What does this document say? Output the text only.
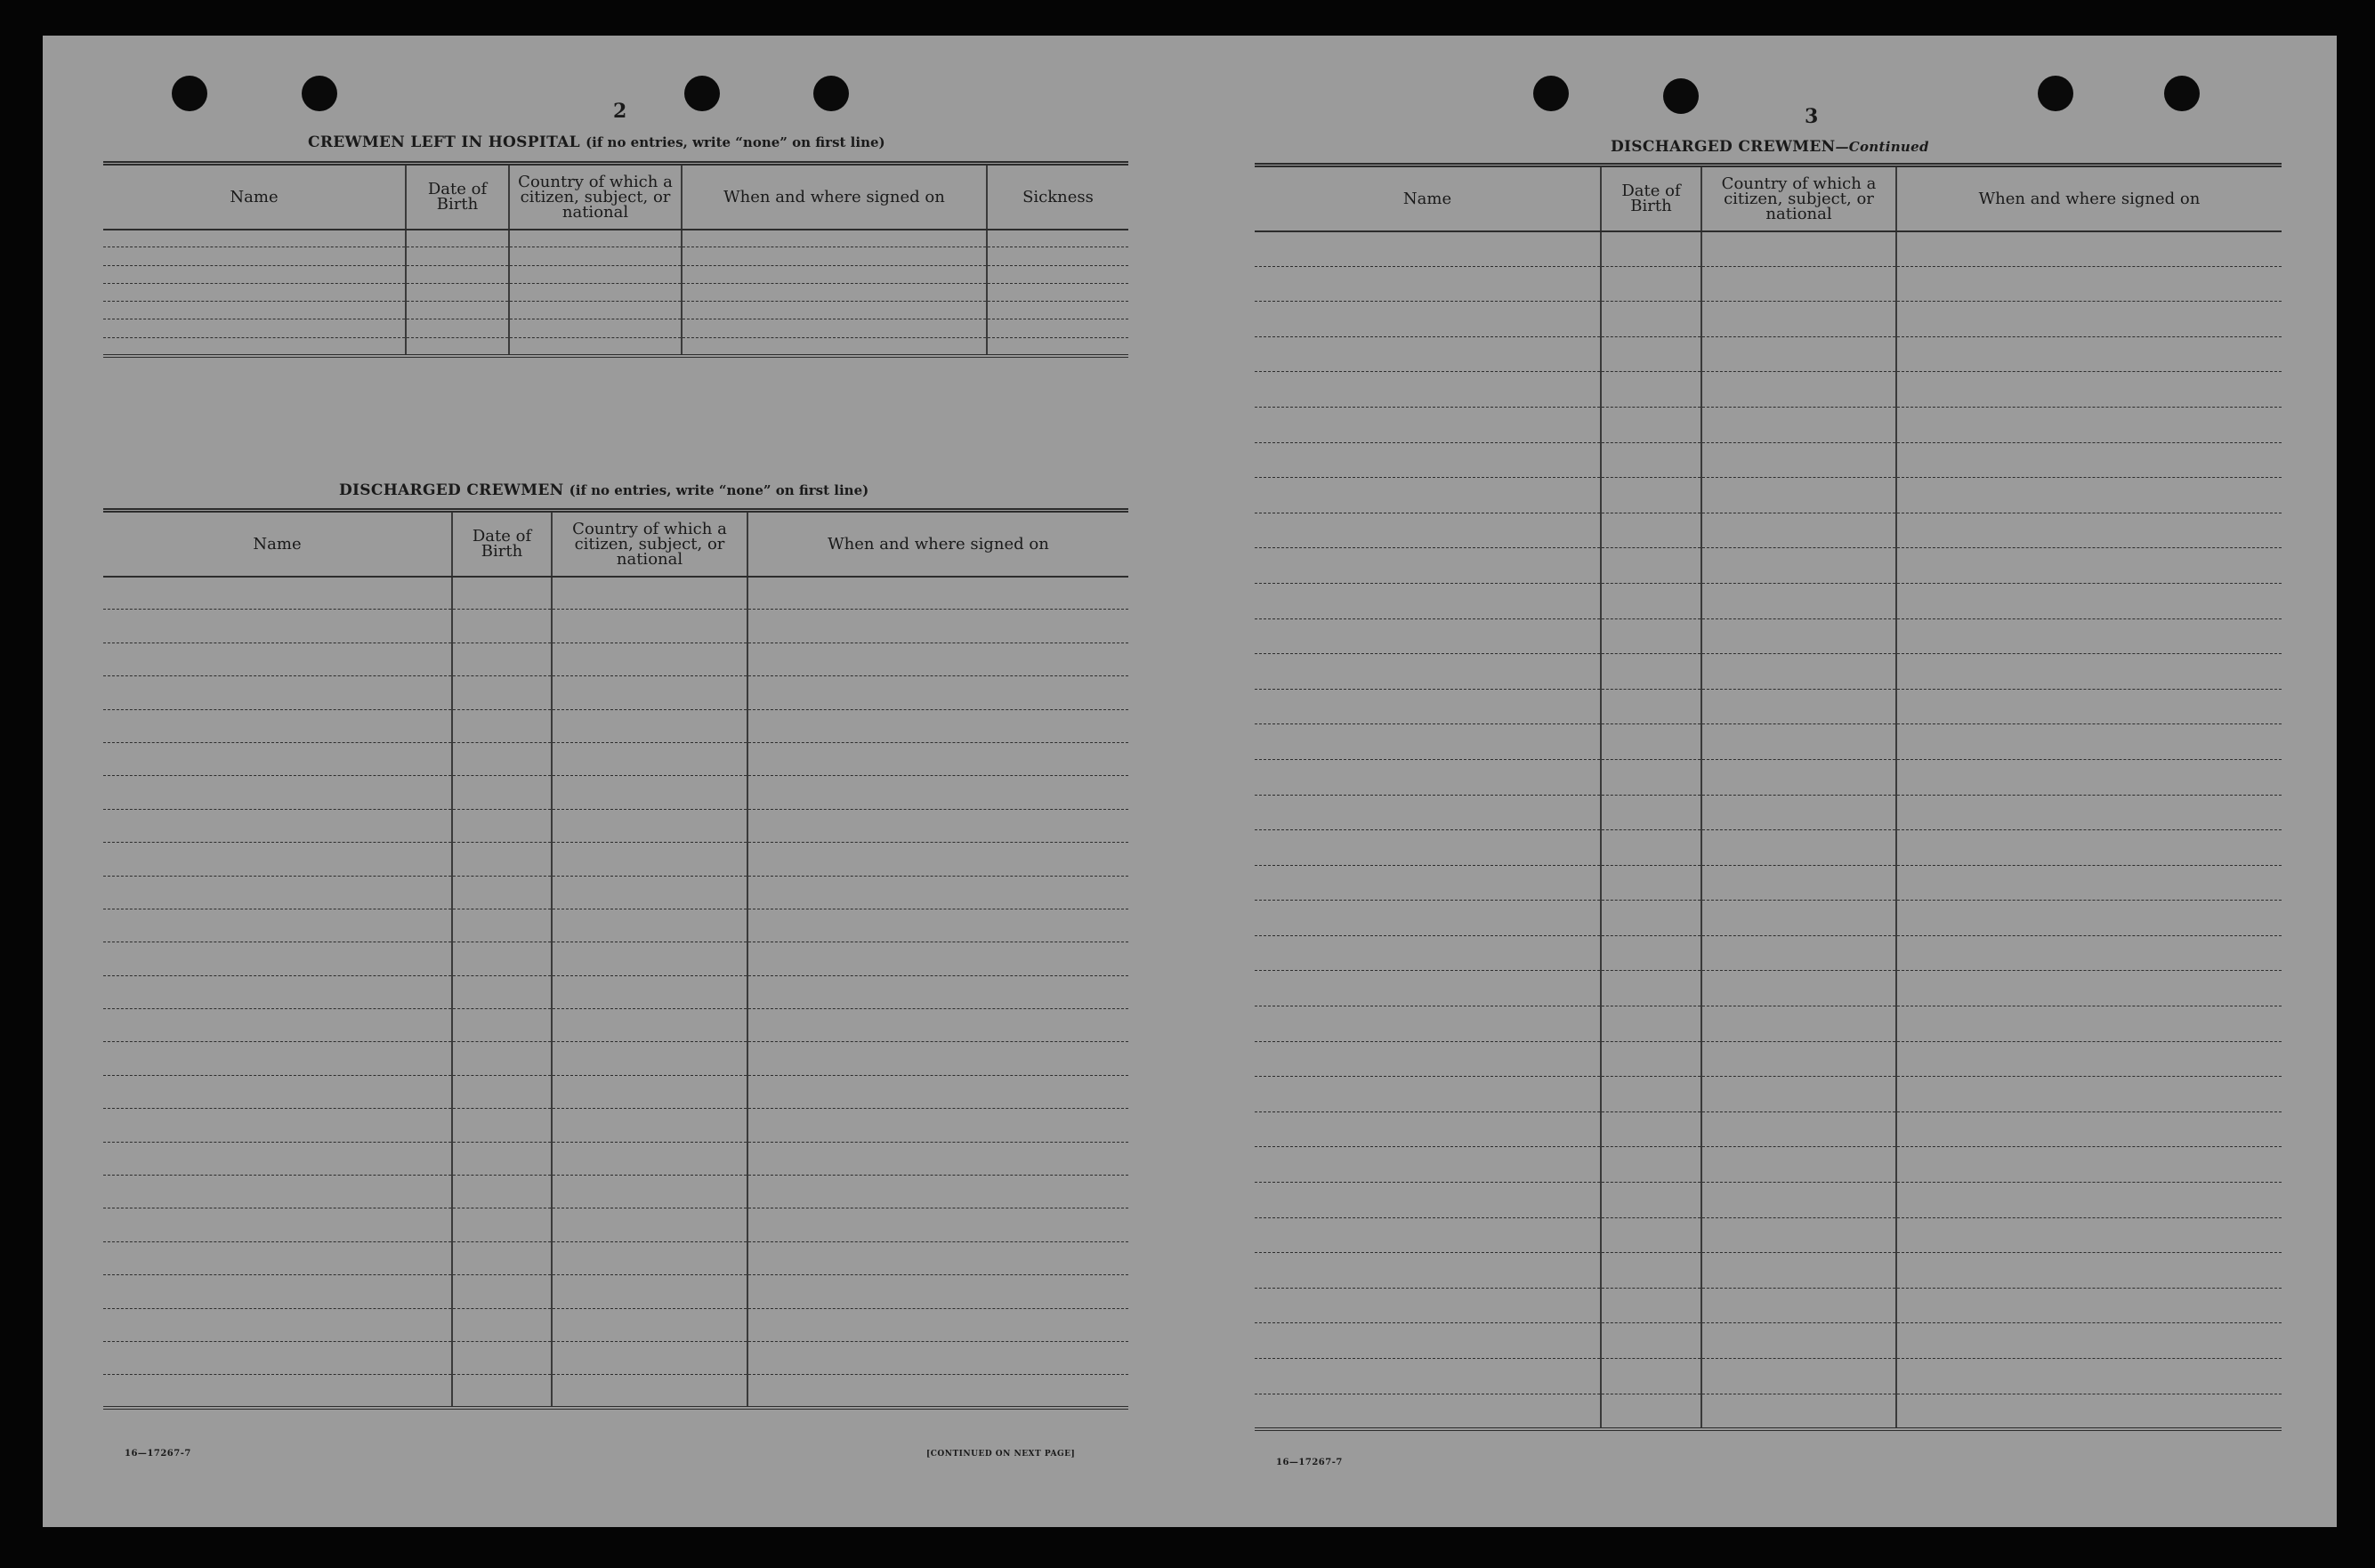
2
CREWMEN LEFT IN HOSPITAL (if no entries, write “none” on first line)
Name	Date of Birth	Country of which a citizen, subject, or national	When and where signed on	Sickness

DISCHARGED CREWMEN (if no entries, write “none” on first line)
Name	Date of Birth	Country of which a citizen, subject, or national	When and where signed on

16—17267-7	[CONTINUED ON NEXT PAGE]
3
DISCHARGED CREWMEN—Continued
Name	Date of Birth	Country of which a citizen, subject, or national	When and where signed on

16—17267-7
